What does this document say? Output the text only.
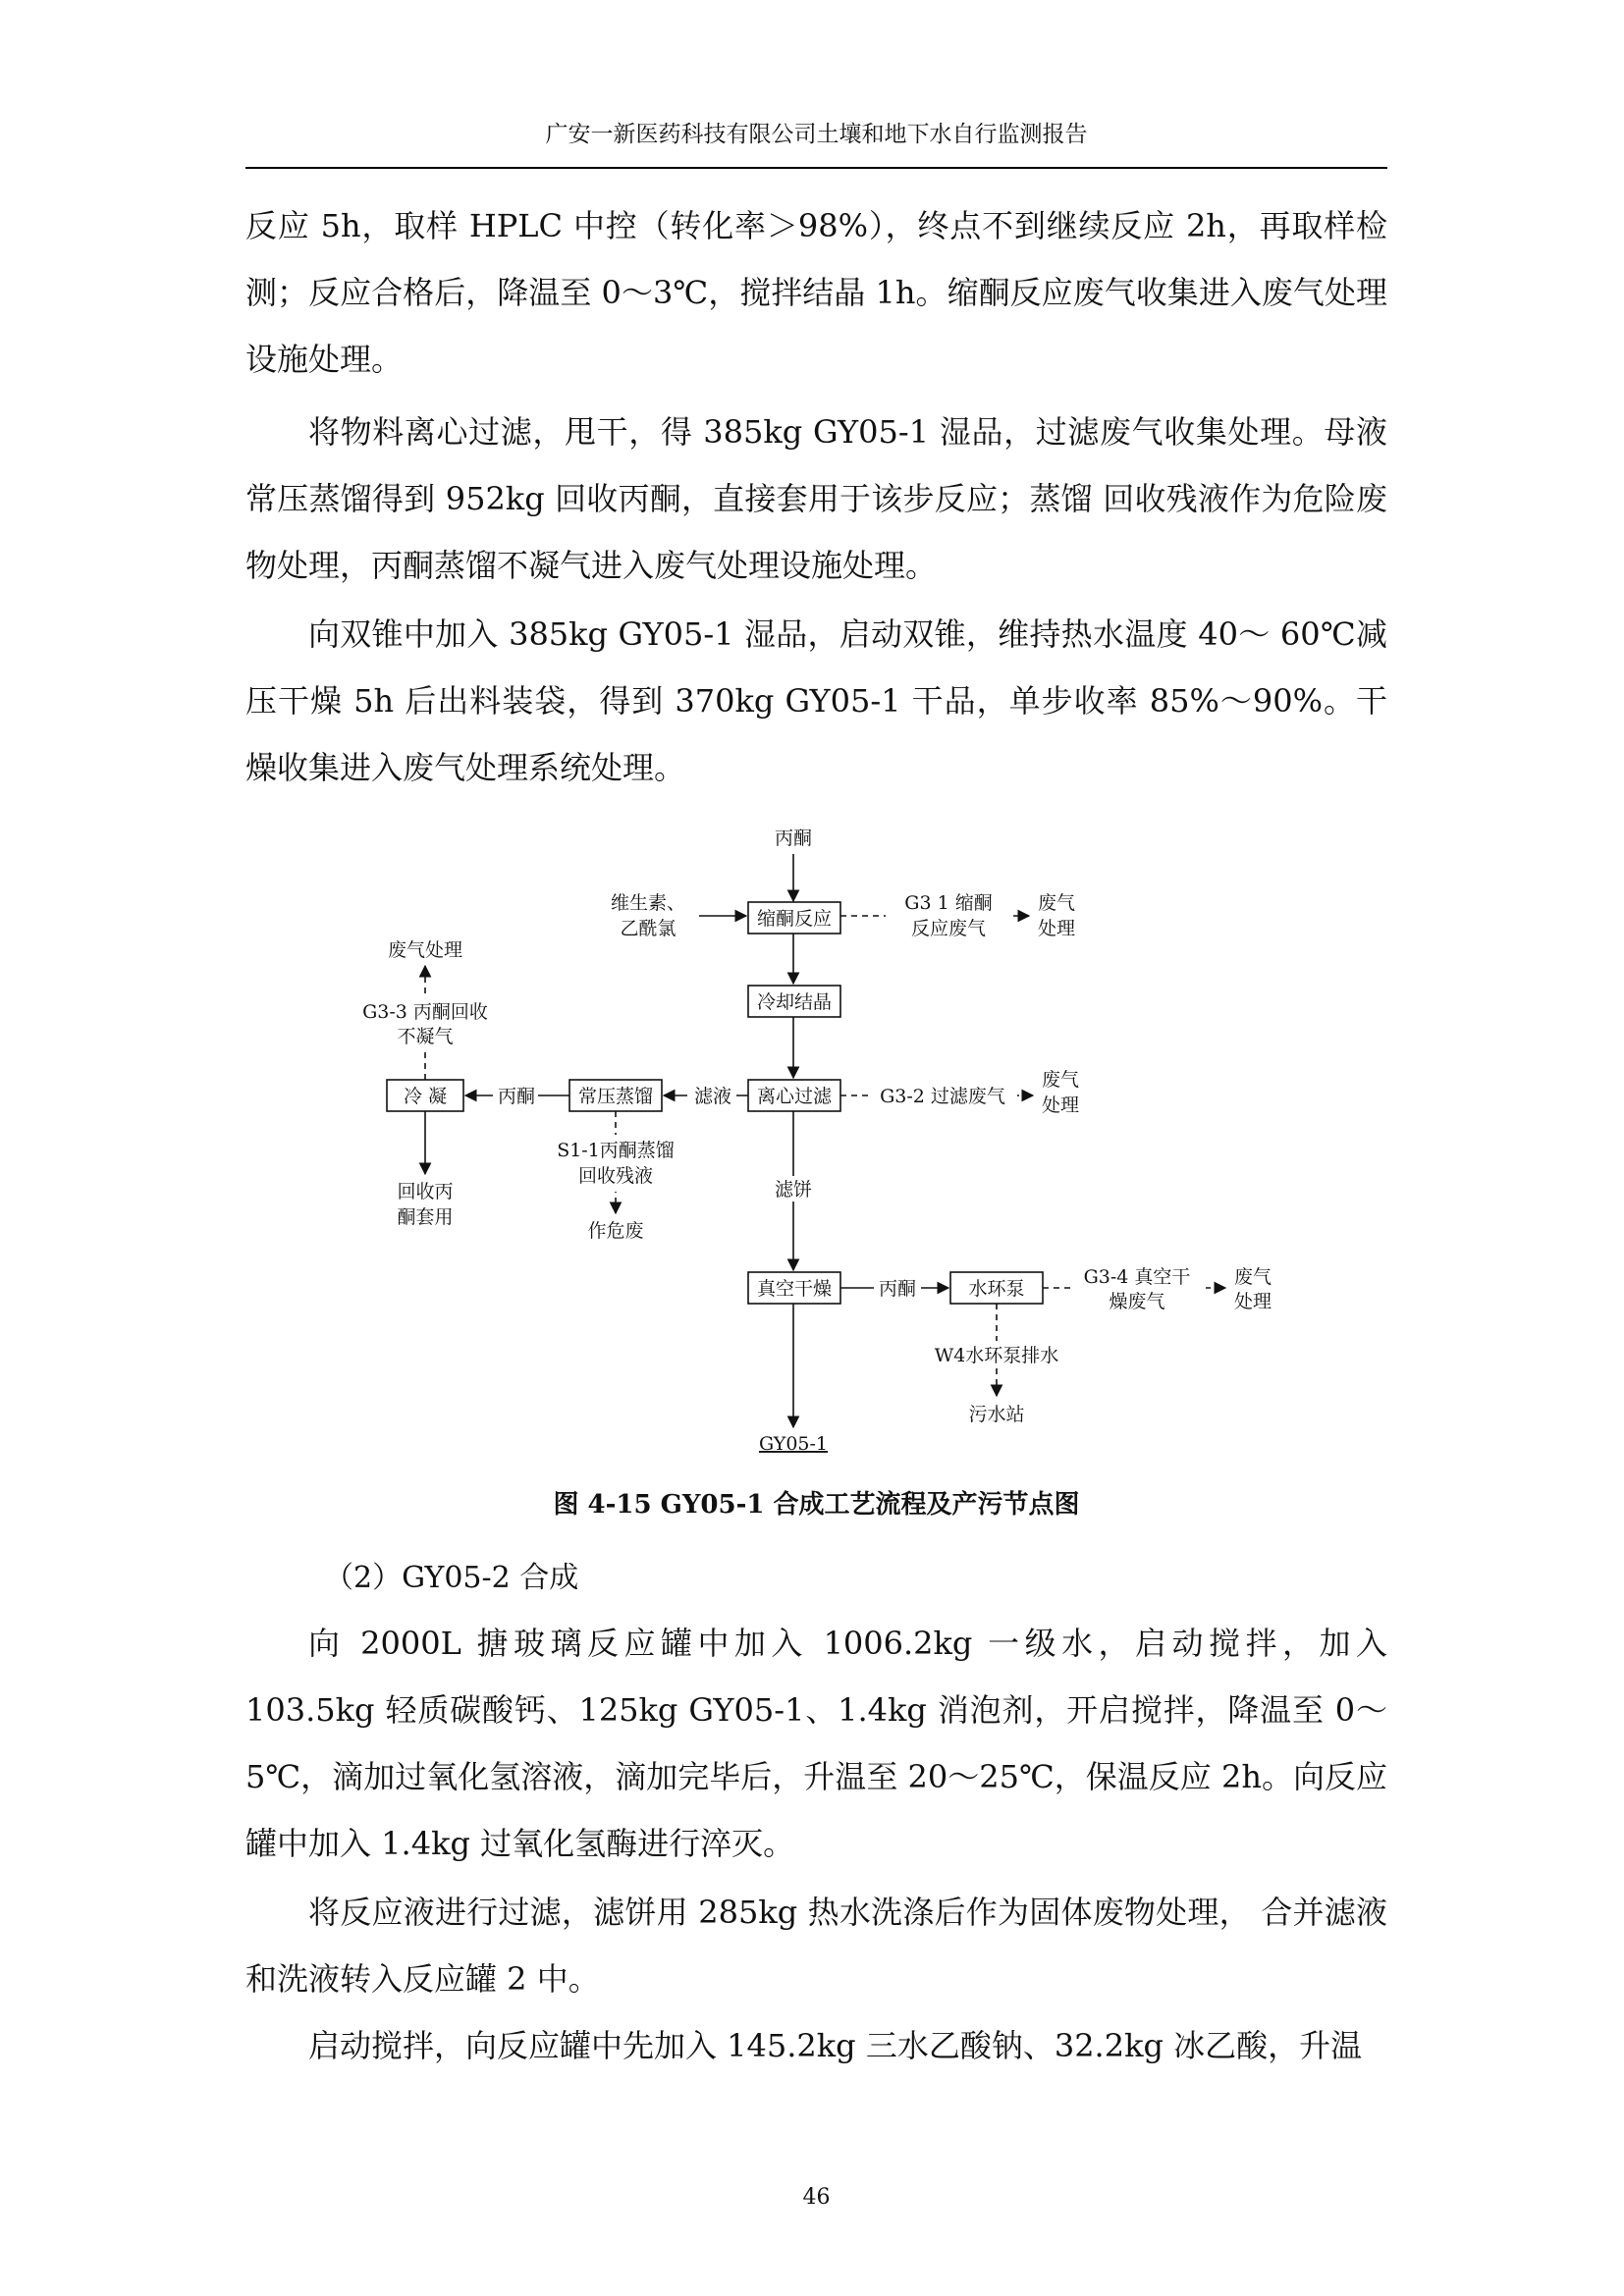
广安一新医药科技有限公司土壤和地下水自行监测报告

反应 5h，取样 HPLC 中控（转化率＞98%），终点不到继续反应 2h，再取样检测；反应合格后，降温至 0～3℃，搅拌结晶 1h。缩酮反应废气收集进入废气处理设施处理。

将物料离心过滤，甩干，得 385kg GY05-1 湿品，过滤废气收集处理。母液常压蒸馏得到 952kg 回收丙酮，直接套用于该步反应；蒸馏 回收残液作为危险废物处理，丙酮蒸馏不凝气进入废气处理设施处理。

向双锥中加入 385kg GY05-1 湿品，启动双锥，维持热水温度 40～ 60℃减压干燥 5h 后出料装袋，得到 370kg GY05-1 干品，单步收率 85%～90%。干燥收集进入废气处理系统处理。

丙酮
维生素、
乙酰氯	缩酮反应
G3 1 缩酮
反应废气
废气
处理
冷却结晶
离心过滤	G3-2 过滤废气
废气
处理
滤液
常压蒸馏
丙酮
冷 凝
废气处理
G3-3 丙酮回收
不凝气
回收丙
酮套用
S1-1丙酮蒸馏
回收残液
作危废
滤饼
真空干燥	丙酮	水环泵
G3-4 真空干
燥废气
废气
处理
W4水环泵排水
污水站
GY05-1
图 4-15 GY05-1 合成工艺流程及产污节点图

（2）GY05-2 合成

向 2000L 搪玻璃反应罐中加入 1006.2kg 一级水，启动搅拌，加入 103.5kg 轻质碳酸钙、125kg GY05-1、1.4kg 消泡剂，开启搅拌，降温至 0～5℃，滴加过氧化氢溶液，滴加完毕后，升温至 20～25℃，保温反应 2h。向反应罐中加入 1.4kg 过氧化氢酶进行淬灭。

将反应液进行过滤，滤饼用 285kg 热水洗涤后作为固体废物处理， 合并滤液和洗液转入反应罐 2 中。

启动搅拌，向反应罐中先加入 145.2kg 三水乙酸钠、32.2kg 冰乙酸，升温

46
